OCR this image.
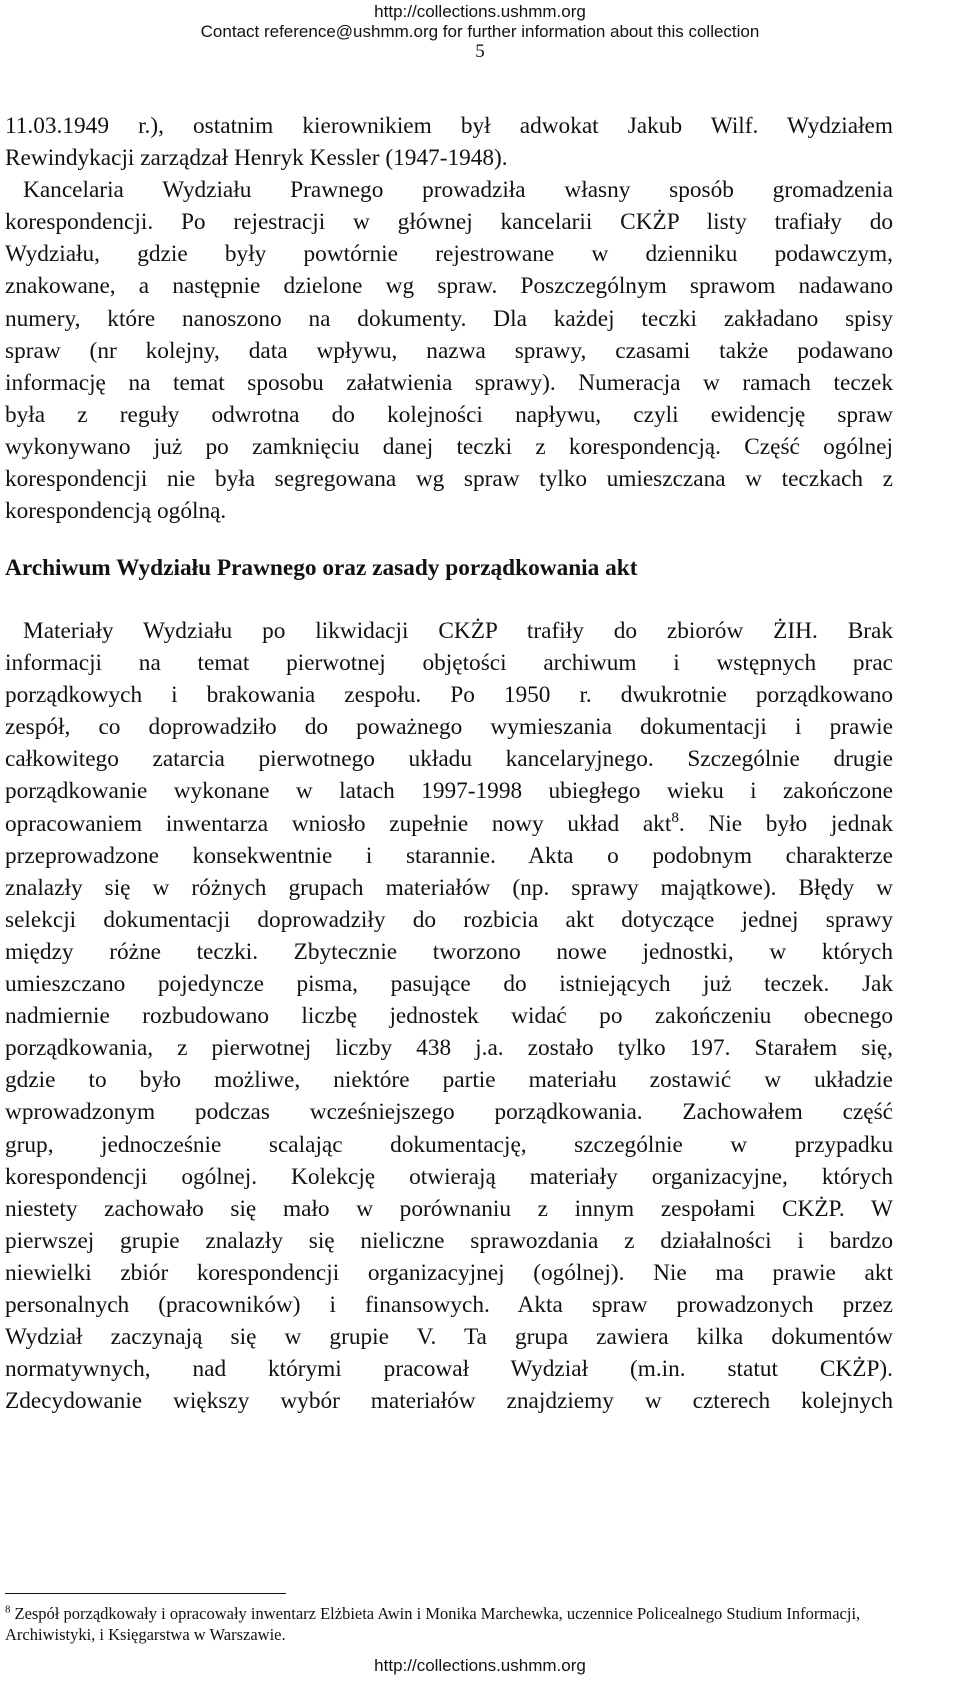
http://collections.ushmm.org
Contact reference@ushmm.org for further information about this collection
5
11.03.1949 r.), ostatnim kierownikiem był adwokat Jakub Wilf. Wydziałem
Rewindykacji zarządzał Henryk Kessler (1947-1948).
Kancelaria Wydziału Prawnego prowadziła własny sposób gromadzenia
korespondencji. Po rejestracji w głównej kancelarii CKŻP listy trafiały do
Wydziału, gdzie były powtórnie rejestrowane w dzienniku podawczym,
znakowane, a następnie dzielone wg spraw. Poszczególnym sprawom nadawano
numery, które nanoszono na dokumenty. Dla każdej teczki zakładano spisy
spraw (nr kolejny, data wpływu, nazwa sprawy, czasami także podawano
informację na temat sposobu załatwienia sprawy). Numeracja w ramach teczek
była z reguły odwrotna do kolejności napływu, czyli ewidencję spraw
wykonywano już po zamknięciu danej teczki z korespondencją. Część ogólnej
korespondencji nie była segregowana wg spraw tylko umieszczana w teczkach z
korespondencją ogólną.
Archiwum Wydziału Prawnego oraz zasady porządkowania akt
Materiały Wydziału po likwidacji CKŻP trafiły do zbiorów ŻIH. Brak
informacji na temat pierwotnej objętości archiwum i wstępnych prac
porządkowych i brakowania zespołu. Po 1950 r. dwukrotnie porządkowano
zespół, co doprowadziło do poważnego wymieszania dokumentacji i prawie
całkowitego zatarcia pierwotnego układu kancelaryjnego. Szczególnie drugie
porządkowanie wykonane w latach 1997-1998 ubiegłego wieku i zakończone
opracowaniem inwentarza wniosło zupełnie nowy układ akt$^8$. Nie było jednak
przeprowadzone konsekwentnie i starannie. Akta o podobnym charakterze
znalazły się w różnych grupach materiałów (np. sprawy majątkowe). Błędy w
selekcji dokumentacji doprowadziły do rozbicia akt dotyczące jednej sprawy
między różne teczki. Zbytecznie tworzono nowe jednostki, w których
umieszczano pojedyncze pisma, pasujące do istniejących już teczek. Jak
nadmiernie rozbudowano liczbę jednostek widać po zakończeniu obecnego
porządkowania, z pierwotnej liczby 438 j.a. zostało tylko 197. Starałem się,
gdzie to było możliwe, niektóre partie materiału zostawić w układzie
wprowadzonym podczas wcześniejszego porządkowania. Zachowałem część
grup, jednocześnie scalając dokumentację, szczególnie w przypadku
korespondencji ogólnej. Kolekcję otwierają materiały organizacyjne, których
niestety zachowało się mało w porównaniu z innym zespołami CKŻP. W
pierwszej grupie znalazły się nieliczne sprawozdania z działalności i bardzo
niewielki zbiór korespondencji organizacyjnej (ogólnej). Nie ma prawie akt
personalnych (pracowników) i finansowych. Akta spraw prowadzonych przez
Wydział zaczynają się w grupie V. Ta grupa zawiera kilka dokumentów
normatywnych, nad którymi pracował Wydział (m.in. statut CKŻP).
Zdecydowanie większy wybór materiałów znajdziemy w czterech kolejnych
$^8$ Zespół porządkowały i opracowały inwentarz Elżbieta Awin i Monika Marchewka, uczennice Policealnego Studium Informacji, Archiwistyki, i Księgarstwa w Warszawie.
http://collections.ushmm.org
